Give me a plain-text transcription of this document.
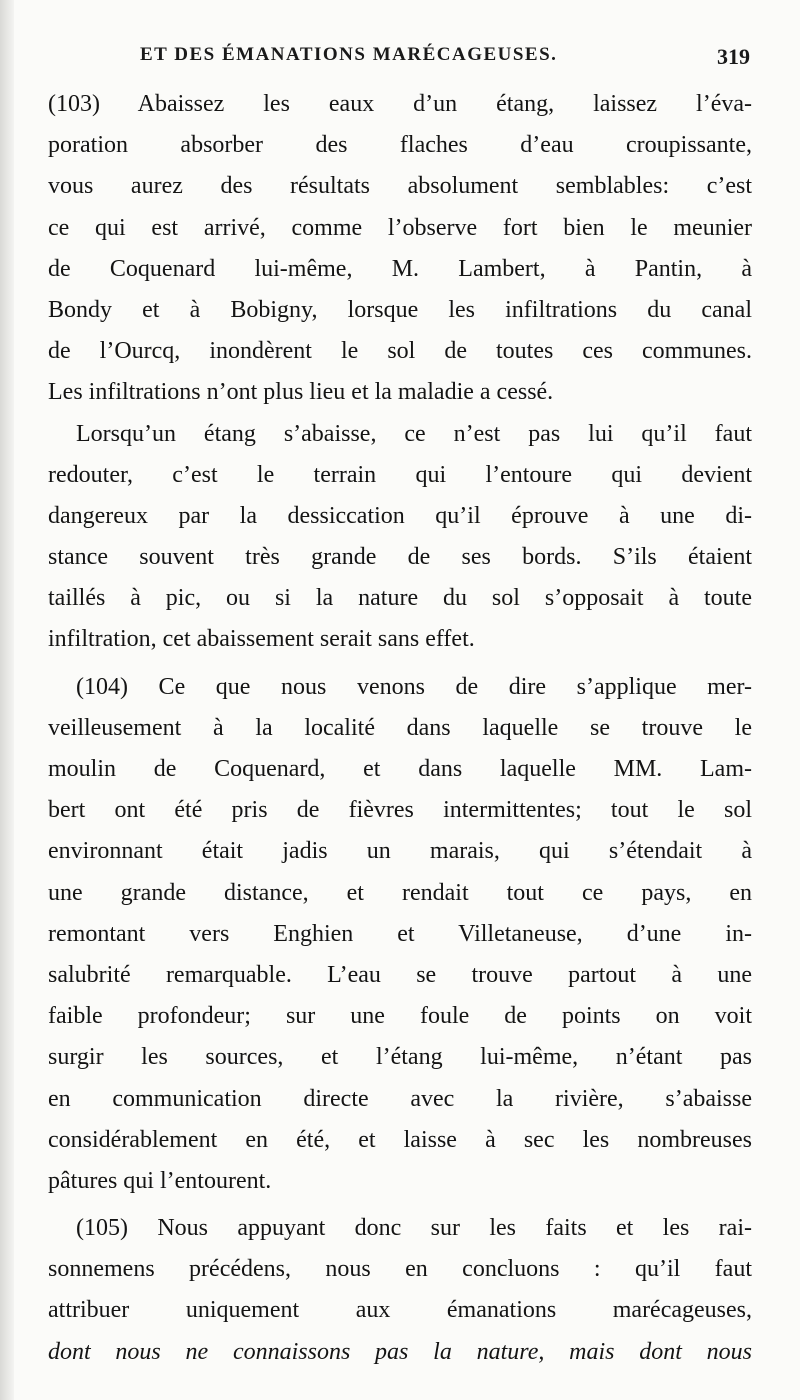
ET DES ÉMANATIONS MARÉCAGEUSES.	319
(103) Abaissez les eaux d’un étang, laissez l’éva-
poration absorber des flaches d’eau croupissante,
vous aurez des résultats absolument semblables: c’est
ce qui est arrivé, comme l’observe fort bien le meunier
de Coquenard lui-même, M. Lambert, à Pantin, à
Bondy et à Bobigny, lorsque les infiltrations du canal
de l’Ourcq, inondèrent le sol de toutes ces communes.
Les infiltrations n’ont plus lieu et la maladie a cessé.
Lorsqu’un étang s’abaisse, ce n’est pas lui qu’il faut
redouter, c’est le terrain qui l’entoure qui devient
dangereux par la dessiccation qu’il éprouve à une di-
stance souvent très grande de ses bords. S’ils étaient
taillés à pic, ou si la nature du sol s’opposait à toute
infiltration, cet abaissement serait sans effet.
(104) Ce que nous venons de dire s’applique mer-
veilleusement à la localité dans laquelle se trouve le
moulin de Coquenard, et dans laquelle MM. Lam-
bert ont été pris de fièvres intermittentes; tout le sol
environnant était jadis un marais, qui s’étendait à
une grande distance, et rendait tout ce pays, en
remontant vers Enghien et Villetaneuse, d’une in-
salubrité remarquable. L’eau se trouve partout à une
faible profondeur; sur une foule de points on voit
surgir les sources, et l’étang lui-même, n’étant pas
en communication directe avec la rivière, s’abaisse
considérablement en été, et laisse à sec les nombreuses
pâtures qui l’entourent.
(105) Nous appuyant donc sur les faits et les rai-
sonnemens précédens, nous en concluons : qu’il faut
attribuer uniquement aux émanations marécageuses,
dont nous ne connaissons pas la nature, mais dont nous
